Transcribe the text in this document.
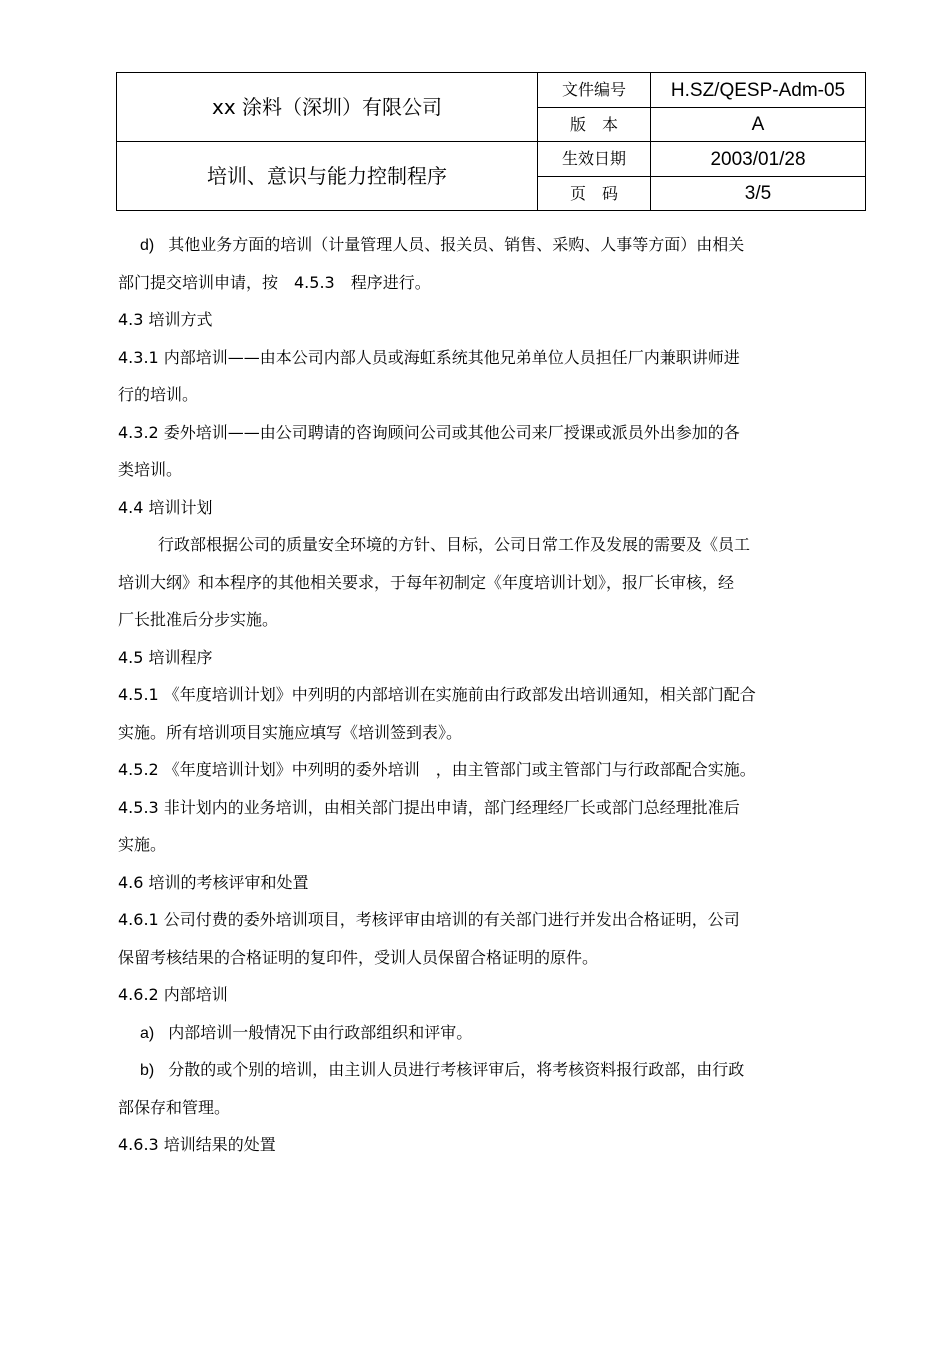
xx 涂料（深圳）有限公司	文件编号	H.SZ/QESP-Adm-05
	版　本	A
培训、意识与能力控制程序	生效日期	2003/01/28
	页　码	3/5
d) 其他业务方面的培训（计量管理人员、报关员、销售、采购、人事等方面）由相关
部门提交培训申请，按　4.5.3　程序进行。
4.3 培训方式
4.3.1 内部培训——由本公司内部人员或海虹系统其他兄弟单位人员担任厂内兼职讲师进
行的培训。
4.3.2 委外培训——由公司聘请的咨询顾问公司或其他公司来厂授课或派员外出参加的各
类培训。
4.4 培训计划
行政部根据公司的质量安全环境的方针、目标，公司日常工作及发展的需要及《员工
培训大纲》和本程序的其他相关要求，于每年初制定《年度培训计划》，报厂长审核，经
厂长批准后分步实施。
4.5 培训程序
4.5.1 《年度培训计划》中列明的内部培训在实施前由行政部发出培训通知，相关部门配合
实施。所有培训项目实施应填写《培训签到表》。
4.5.2 《年度培训计划》中列明的委外培训　，由主管部门或主管部门与行政部配合实施。
4.5.3 非计划内的业务培训，由相关部门提出申请，部门经理经厂长或部门总经理批准后
实施。
4.6 培训的考核评审和处置
4.6.1 公司付费的委外培训项目，考核评审由培训的有关部门进行并发出合格证明，公司
保留考核结果的合格证明的复印件，受训人员保留合格证明的原件。
4.6.2 内部培训
a) 内部培训一般情况下由行政部组织和评审。
b) 分散的或个别的培训，由主训人员进行考核评审后，将考核资料报行政部，由行政
部保存和管理。
4.6.3 培训结果的处置
